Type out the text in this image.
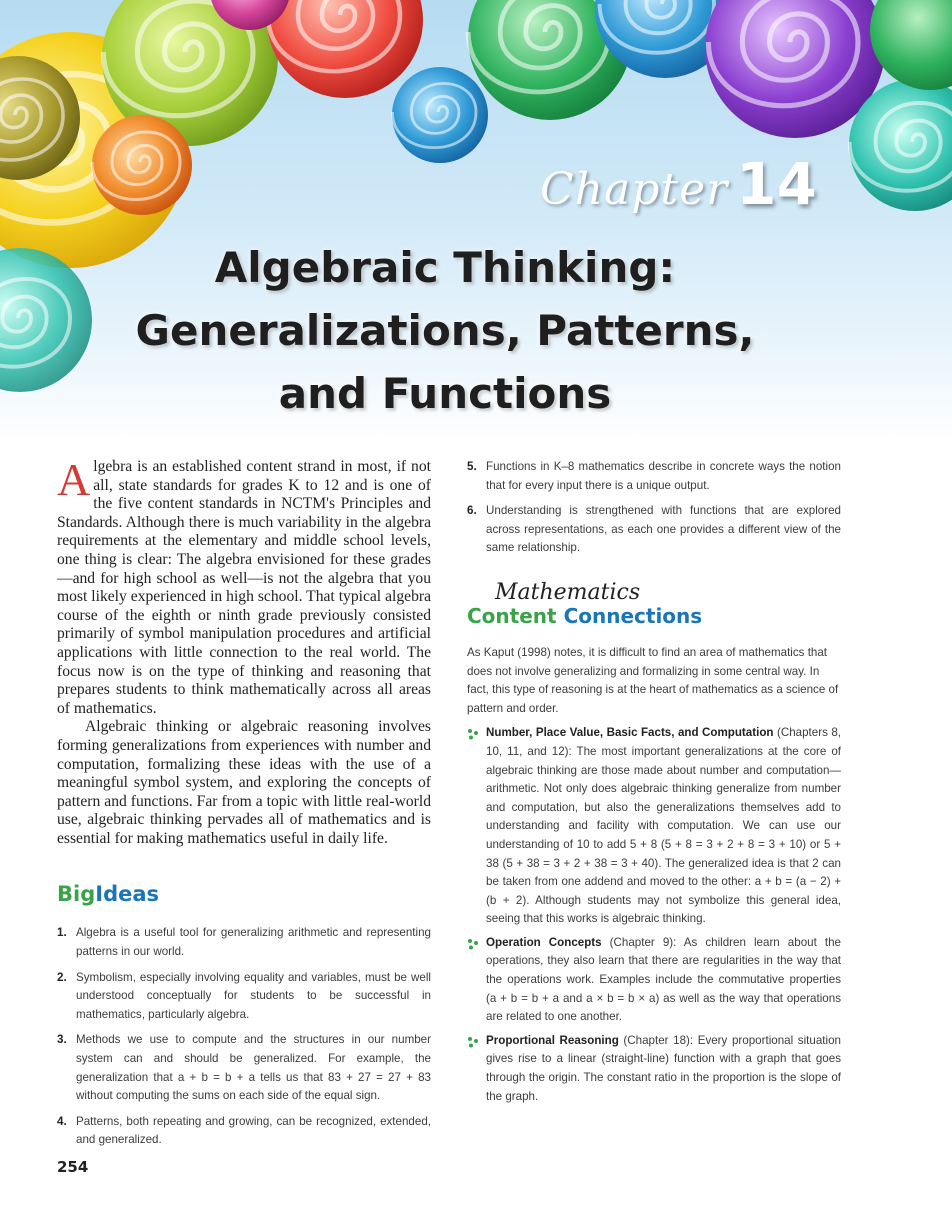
Chapter 14
Algebraic Thinking:
Generalizations, Patterns,
and Functions

Algebra is an established content strand in most, if not all, state standards for grades K to 12 and is one of the five content standards in NCTM's Principles and Standards. Although there is much variability in the algebra requirements at the elementary and middle school levels, one thing is clear: The algebra envisioned for these grades—and for high school as well—is not the algebra that you most likely experienced in high school. That typical algebra course of the eighth or ninth grade previously consisted primarily of symbol manipulation procedures and artificial applications with little connection to the real world. The focus now is on the type of thinking and reasoning that prepares students to think mathematically across all areas of mathematics.

Algebraic thinking or algebraic reasoning involves forming generalizations from experiences with number and computation, formalizing these ideas with the use of a meaningful symbol system, and exploring the concepts of pattern and functions. Far from a topic with little real-world use, algebraic thinking pervades all of mathematics and is essential for making mathematics useful in daily life.

BigIdeas
1. Algebra is a useful tool for generalizing arithmetic and representing patterns in our world.
2. Symbolism, especially involving equality and variables, must be well understood conceptually for students to be successful in mathematics, particularly algebra.
3. Methods we use to compute and the structures in our number system can and should be generalized. For example, the generalization that a + b = b + a tells us that 83 + 27 = 27 + 83 without computing the sums on each side of the equal sign.
4. Patterns, both repeating and growing, can be recognized, extended, and generalized.
5. Functions in K–8 mathematics describe in concrete ways the notion that for every input there is a unique output.
6. Understanding is strengthened with functions that are explored across representations, as each one provides a different view of the same relationship.
Mathematics
Content Connections

As Kaput (1998) notes, it is difficult to find an area of mathematics that does not involve generalizing and formalizing in some central way. In fact, this type of reasoning is at the heart of mathematics as a science of pattern and order.

Number, Place Value, Basic Facts, and Computation (Chapters 8, 10, 11, and 12): The most important generalizations at the core of algebraic thinking are those made about number and computation—arithmetic. Not only does algebraic thinking generalize from number and computation, but also the generalizations themselves add to understanding and facility with computation. We can use our understanding of 10 to add 5 + 8 (5 + 8 = 3 + 2 + 8 = 3 + 10) or 5 + 38 (5 + 38 = 3 + 2 + 38 = 3 + 40). The generalized idea is that 2 can be taken from one addend and moved to the other: a + b = (a − 2) + (b + 2). Although students may not symbolize this general idea, seeing that this works is algebraic thinking.
Operation Concepts (Chapter 9): As children learn about the operations, they also learn that there are regularities in the way that the operations work. Examples include the commutative properties (a + b = b + a and a × b = b × a) as well as the way that operations are related to one another.
Proportional Reasoning (Chapter 18): Every proportional situation gives rise to a linear (straight-line) function with a graph that goes through the origin. The constant ratio in the proportion is the slope of the graph.
254
